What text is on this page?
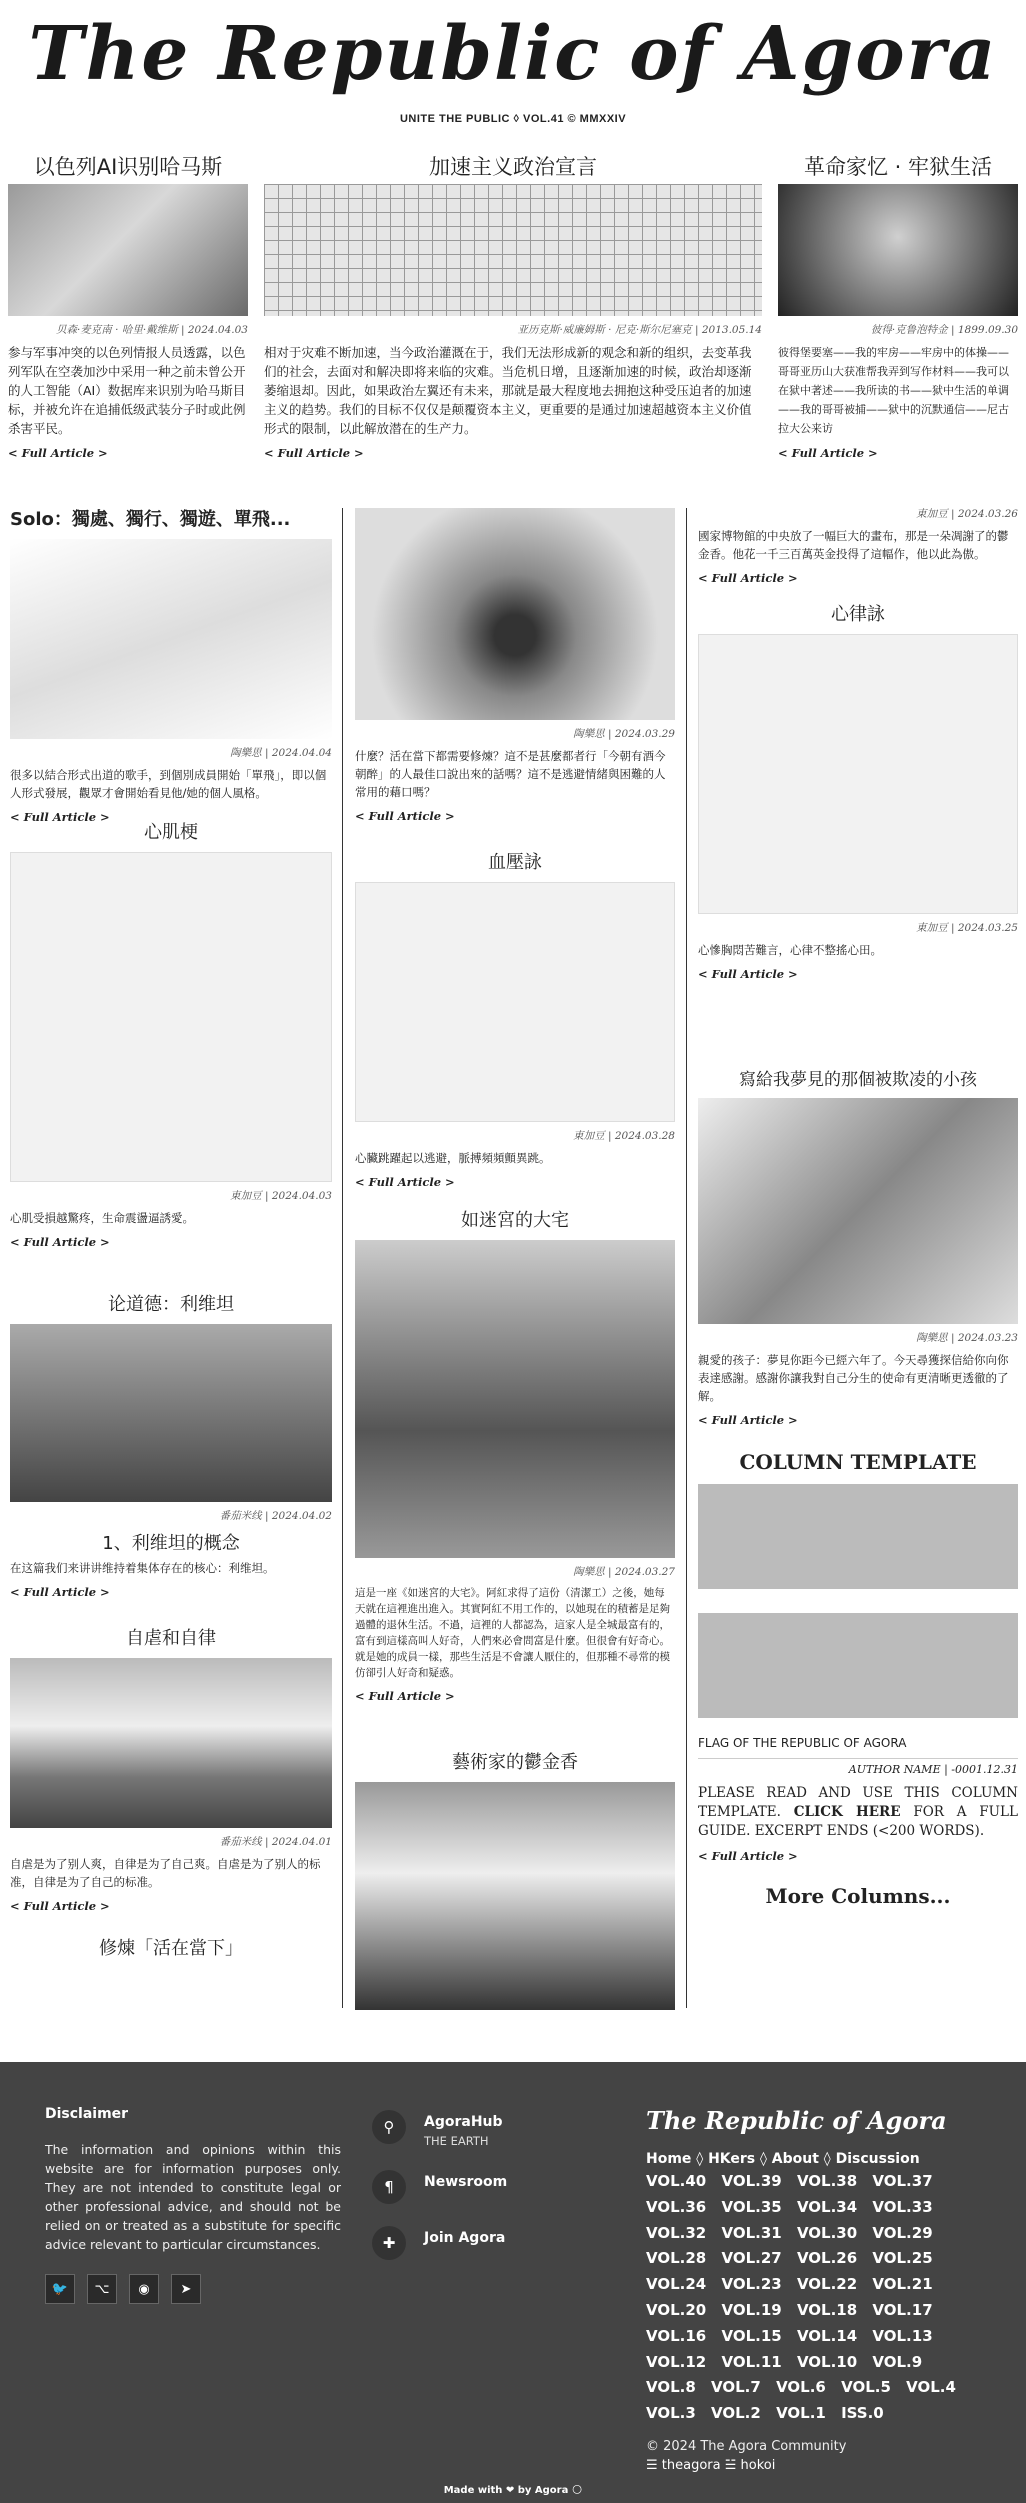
The Republic of Agora
UNITE THE PUBLIC ◊ VOL.41 © MMXXIV
以色列AI识别哈马斯
贝森·麦克南 · 哈里·戴维斯 | 2024.04.03
参与军事冲突的以色列情报人员透露，以色列军队在空袭加沙中采用一种之前未曾公开的人工智能（AI）数据库来识别为哈马斯目标，并被允许在追捕低级武装分子时或此例杀害平民。
< Full Article >
加速主义政治宣言
亚历克斯·威廉姆斯 · 尼克·斯尔尼塞克 | 2013.05.14
相对于灾难不断加速，当今政治灌溉在于，我们无法形成新的观念和新的组织，去变革我们的社会，去面对和解决即将来临的灾难。当危机日增，且逐渐加速的时候，政治却逐渐萎缩退却。因此，如果政治左翼还有未来，那就是最大程度地去拥抱这种受压迫者的加速主义的趋势。我们的目标不仅仅是颠覆资本主义，更重要的是通过加速超越资本主义价值形式的限制，以此解放潜在的生产力。
< Full Article >
革命家忆 · 牢狱生活
彼得·克鲁泡特金 | 1899.09.30
彼得堡要塞——我的牢房——牢房中的体操——哥哥亚历山大获准帮我弄到写作材料——我可以在狱中著述——我所读的书——狱中生活的单调——我的哥哥被捕——狱中的沉默通信——尼古拉大公来访
< Full Article >
Solo：獨處、獨行、獨遊、單飛...
陶樂思 | 2024.04.04
很多以結合形式出道的歌手，到個別成員開始「單飛」，即以個人形式發展，觀眾才會開始看見他/她的個人風格。
< Full Article >
心肌梗
東加豆 | 2024.04.03
心肌受損越驚疼，生命震盪逼誘愛。
< Full Article >
论道德：利维坦
番茄米线 | 2024.04.02
1、利维坦的概念
在这篇我们来讲讲维持着集体存在的核心：利维坦。
< Full Article >
自虐和自律
番茄米线 | 2024.04.01
自虐是为了别人爽，自律是为了自己爽。自虐是为了别人的标准，自律是为了自己的标准。
< Full Article >
修煉「活在當下」
陶樂思 | 2024.03.29
什麼？活在當下都需要修煉？這不是甚麼都者行「今朝有酒今朝醉」的人最佳口說出來的話嗎？這不是逃避情緒與困難的人常用的藉口嗎？
< Full Article >
血壓詠
東加豆 | 2024.03.28
心臟跳躍起以逃避，脈搏頻頻顫異跳。
< Full Article >
如迷宮的大宅
陶樂思 | 2024.03.27
這是一座《如迷宮的大宅》。阿紅求得了這份（清潔工）之後，她每天就在這裡進出進入。其實阿紅不用工作的，以她現在的積蓄是足夠過體的退休生活。不過，這裡的人都認為，這家人是全城最富有的，富有到這樣高叫人好奇，人們來必會問富是什麼。但很會有好奇心。就是她的成員一樣，那些生活是不會讓人厭住的，但那種不尋常的模仿卻引人好奇和疑惑。
< Full Article >
藝術家的鬱金香
東加豆 | 2024.03.26
國家博物館的中央放了一幅巨大的畫布，那是一朵凋謝了的鬱金香。他花一千三百萬英金投得了這幅作，他以此為傲。
< Full Article >
心律詠
東加豆 | 2024.03.25
心慘胸悶苦難言，心律不整搖心田。
< Full Article >
寫給我夢見的那個被欺凌的小孩
陶樂思 | 2024.03.23
親愛的孩子：夢見你距今已經六年了。今天尋獲探信給你向你表達感謝。感謝你讓我對自己分生的使命有更清晰更透徹的了解。
< Full Article >
COLUMN TEMPLATE
FLAG OF THE REPUBLIC OF AGORA
AUTHOR NAME | -0001.12.31
PLEASE READ AND USE THIS COLUMN TEMPLATE. CLICK HERE FOR A FULL GUIDE. EXCERPT ENDS (<200 WORDS).
< Full Article >
More Columns...
Disclaimer

The information and opinions within this website are for information purposes only. They are not intended to constitute legal or other professional advice, and should not be relied on or treated as a substitute for specific advice relevant to particular circumstances.

🐦	⌥	◉	➤
⚲	AgoraHub
THE EARTH
¶	Newsroom
✚	Join Agora
The Republic of Agora
Home ◊ HKers ◊ About ◊ Discussion
VOL.40 VOL.39 VOL.38 VOL.37 VOL.36 VOL.35 VOL.34 VOL.33 VOL.32 VOL.31 VOL.30 VOL.29 VOL.28 VOL.27 VOL.26 VOL.25 VOL.24 VOL.23 VOL.22 VOL.21 VOL.20 VOL.19 VOL.18 VOL.17 VOL.16 VOL.15 VOL.14 VOL.13 VOL.12 VOL.11 VOL.10 VOL.9 VOL.8 VOL.7 VOL.6 VOL.5 VOL.4 VOL.3 VOL.2 VOL.1 ISS.0
© 2024 The Agora Community
☰ theagora ☱ hokoi
Made with ❤ by Agora 🌕
